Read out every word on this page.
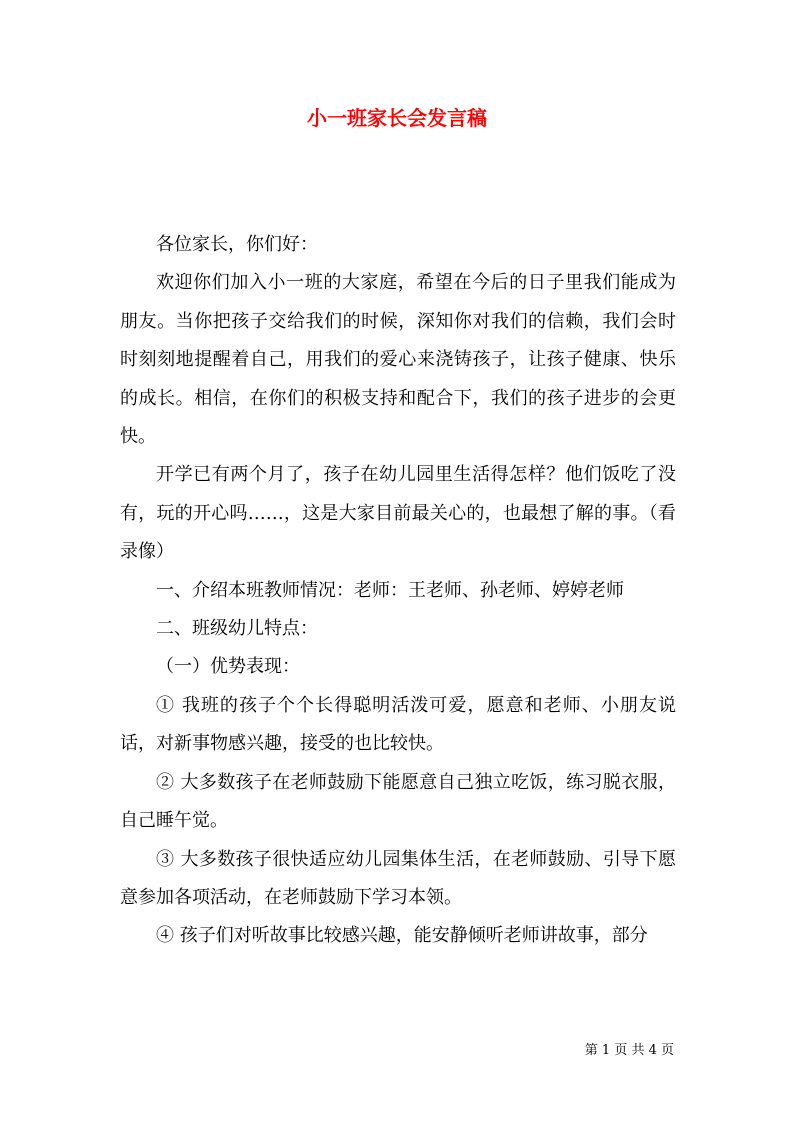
小一班家长会发言稿

各位家长，你们好：

欢迎你们加入小一班的大家庭，希望在今后的日子里我们能成为朋友。当你把孩子交给我们的时候，深知你对我们的信赖，我们会时时刻刻地提醒着自己，用我们的爱心来浇铸孩子，让孩子健康、快乐的成长。相信，在你们的积极支持和配合下，我们的孩子进步的会更快。

开学已有两个月了，孩子在幼儿园里生活得怎样？他们饭吃了没有，玩的开心吗……，这是大家目前最关心的，也最想了解的事。（看录像）

一、介绍本班教师情况：老师：王老师、孙老师、婷婷老师

二、班级幼儿特点：

（一）优势表现：

① 我班的孩子个个长得聪明活泼可爱，愿意和老师、小朋友说话，对新事物感兴趣，接受的也比较快。

② 大多数孩子在老师鼓励下能愿意自己独立吃饭，练习脱衣服，自己睡午觉。

③ 大多数孩子很快适应幼儿园集体生活，在老师鼓励、引导下愿意参加各项活动，在老师鼓励下学习本领。

④ 孩子们对听故事比较感兴趣，能安静倾听老师讲故事，部分

第 1 页 共 4 页
